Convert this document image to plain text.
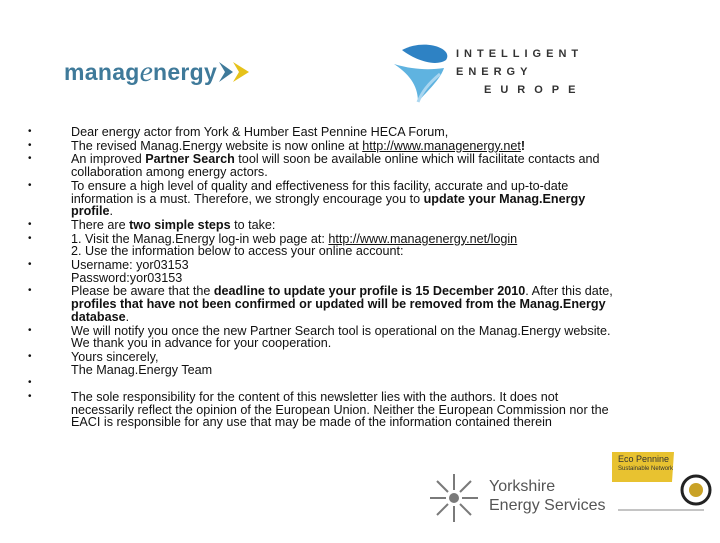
manag e nergy
INTELLIGENT
ENERGY
EUROPE
•	Dear energy actor from York & Humber East Pennine HECA Forum,
•	The revised Manag.Energy website is now online at http://www.managenergy.net!
•	An improved Partner Search tool will soon be available online which will facilitate contacts and
collaboration among energy actors.
•	To ensure a high level of quality and effectiveness for this facility, accurate and up-to-date
information is a must. Therefore, we strongly encourage you to update your Manag.Energy
profile.
•	There are two simple steps to take:
•	1. Visit the Manag.Energy log-in web page at: http://www.managenergy.net/login
2. Use the information below to access your online account:
•	Username: yor03153
Password:yor03153
•	Please be aware that the deadline to update your profile is 15 December 2010. After this date,
profiles that have not been confirmed or updated will be removed from the Manag.Energy
database.
•	We will notify you once the new Partner Search tool is operational on the Manag.Energy website.
We thank you in advance for your cooperation.
•	Yours sincerely,
The Manag.Energy Team
•
•	The sole responsibility for the content of this newsletter lies with the authors. It does not
necessarily reflect the opinion of the European Union. Neither the European Commission nor the
EACI is responsible for any use that may be made of the information contained therein
Yorkshire
Energy Services
Eco Pennine
Sustainable Network
